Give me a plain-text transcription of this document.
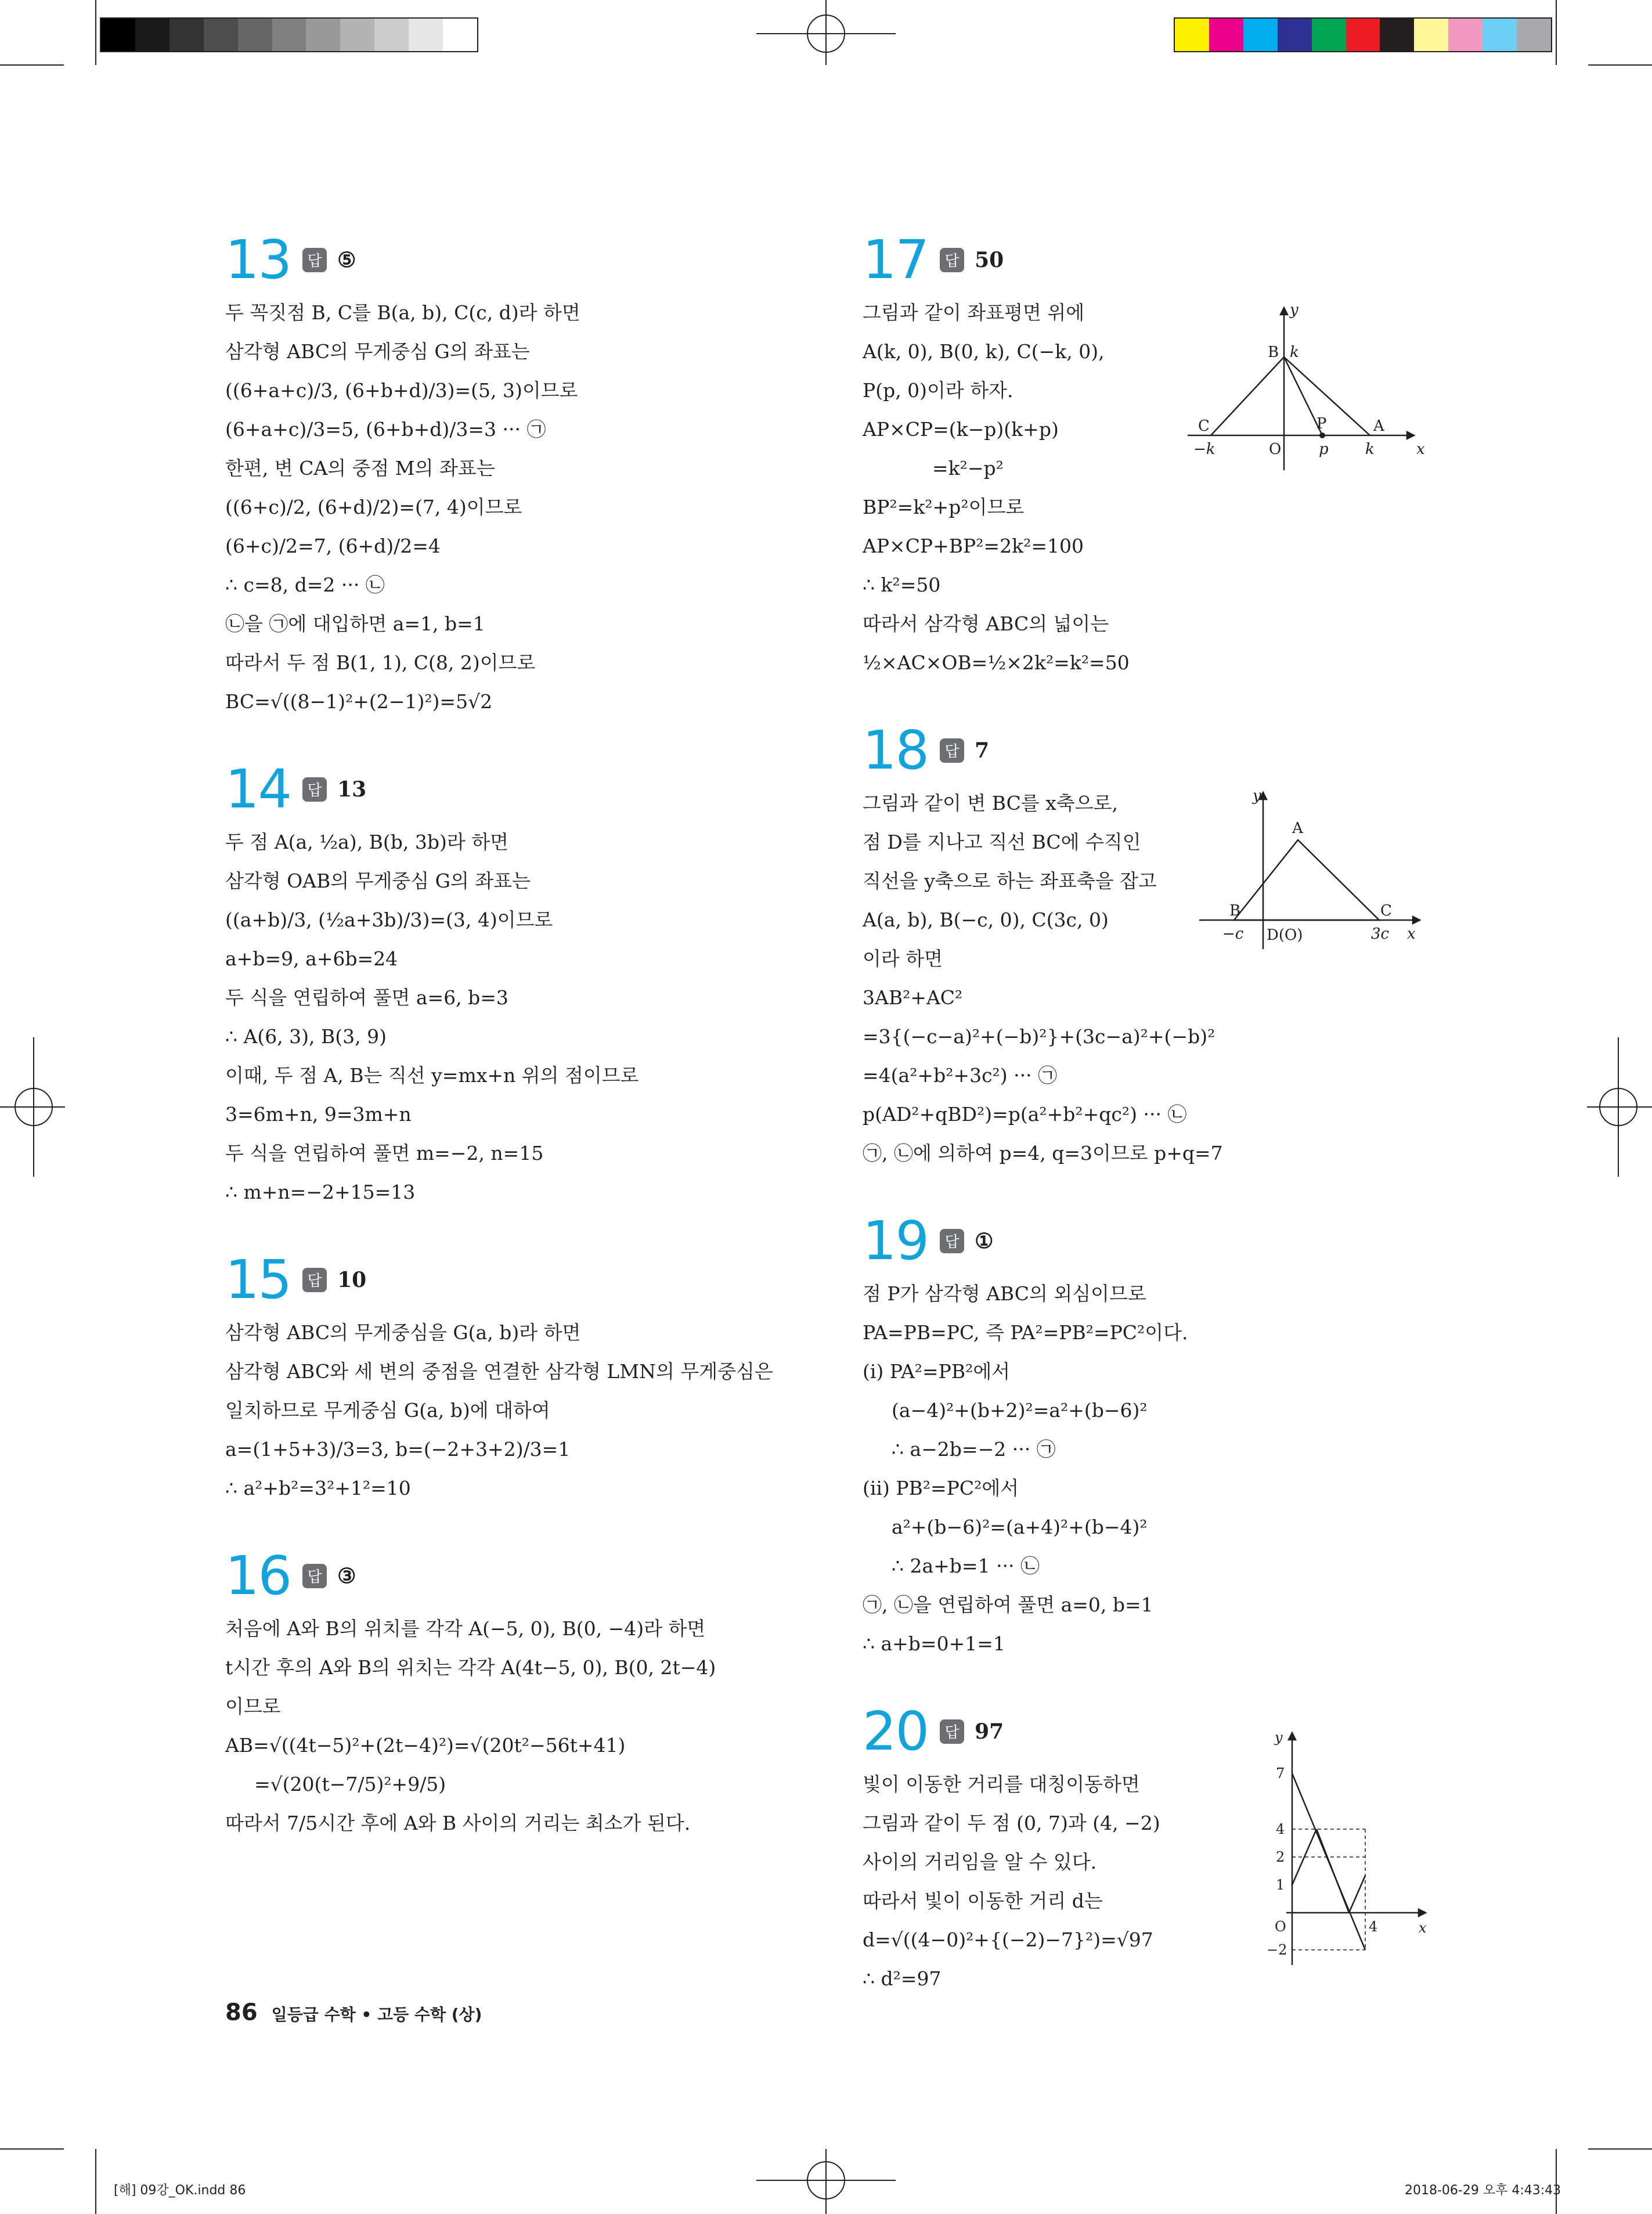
13	답 ⑤
두 꼭짓점 B, C를 B(a, b), C(c, d)라 하면
삼각형 ABC의 무게중심 G의 좌표는
((6+a+c)/3, (6+b+d)/3)=(5, 3)이므로
(6+a+c)/3=5, (6+b+d)/3=3 ··· ㉠
한편, 변 CA의 중점 M의 좌표는
((6+c)/2, (6+d)/2)=(7, 4)이므로
(6+c)/2=7, (6+d)/2=4
∴ c=8, d=2 ··· ㉡
㉡을 ㉠에 대입하면 a=1, b=1
따라서 두 점 B(1, 1), C(8, 2)이므로
BC=√((8−1)²+(2−1)²)=5√2
14	답 13
두 점 A(a, ½a), B(b, 3b)라 하면
삼각형 OAB의 무게중심 G의 좌표는
((a+b)/3, (½a+3b)/3)=(3, 4)이므로
a+b=9, a+6b=24
두 식을 연립하여 풀면 a=6, b=3
∴ A(6, 3), B(3, 9)
이때, 두 점 A, B는 직선 y=mx+n 위의 점이므로
3=6m+n, 9=3m+n
두 식을 연립하여 풀면 m=−2, n=15
∴ m+n=−2+15=13
15	답 10
삼각형 ABC의 무게중심을 G(a, b)라 하면
삼각형 ABC와 세 변의 중점을 연결한 삼각형 LMN의 무게중심은
일치하므로 무게중심 G(a, b)에 대하여
a=(1+5+3)/3=3, b=(−2+3+2)/3=1
∴ a²+b²=3²+1²=10
16	답 ③
처음에 A와 B의 위치를 각각 A(−5, 0), B(0, −4)라 하면
t시간 후의 A와 B의 위치는 각각 A(4t−5, 0), B(0, 2t−4)
이므로
AB=√((4t−5)²+(2t−4)²)=√(20t²−56t+41)
=√(20(t−7/5)²+9/5)
따라서 7/5시간 후에 A와 B 사이의 거리는 최소가 된다.
17	답 50
그림과 같이 좌표평면 위에
A(k, 0), B(0, k), C(−k, 0),
P(p, 0)이라 하자.
AP×CP=(k−p)(k+p)
=k²−p²
BP²=k²+p²이므로
AP×CP+BP²=2k²=100
∴ k²=50
따라서 삼각형 ABC의 넓이는
½×AC×OB=½×2k²=k²=50
y
x
B k
C	P	A
−k	O p k
18	답 7
그림과 같이 변 BC를 x축으로,
점 D를 지나고 직선 BC에 수직인
직선을 y축으로 하는 좌표축을 잡고
A(a, b), B(−c, 0), C(3c, 0)
이라 하면
3AB²+AC²
=3{(−c−a)²+(−b)²}+(3c−a)²+(−b)²
=4(a²+b²+3c²) ··· ㉠
p(AD²+qBD²)=p(a²+b²+qc²) ··· ㉡
㉠, ㉡에 의하여 p=4, q=3이므로 p+q=7
y
x
A
B	C
−c D(O)	3c
19	답 ①
점 P가 삼각형 ABC의 외심이므로
PA=PB=PC, 즉 PA²=PB²=PC²이다.
(ⅰ) PA²=PB²에서
(a−4)²+(b+2)²=a²+(b−6)²
∴ a−2b=−2 ··· ㉠
(ⅱ) PB²=PC²에서
a²+(b−6)²=(a+4)²+(b−4)²
∴ 2a+b=1 ··· ㉡
㉠, ㉡을 연립하여 풀면 a=0, b=1
∴ a+b=0+1=1
20	답 97
빛이 이동한 거리를 대칭이동하면
그림과 같이 두 점 (0, 7)과 (4, −2)
사이의 거리임을 알 수 있다.
따라서 빛이 이동한 거리 d는
d=√((4−0)²+{(−2)−7}²)=√97
∴ d²=97
y
x
7
4
2
1
O	4
−2
86 일등급 수학 • 고등 수학 (상)
[해] 09강_OK.indd 86	2018-06-29 오후 4:43:43
